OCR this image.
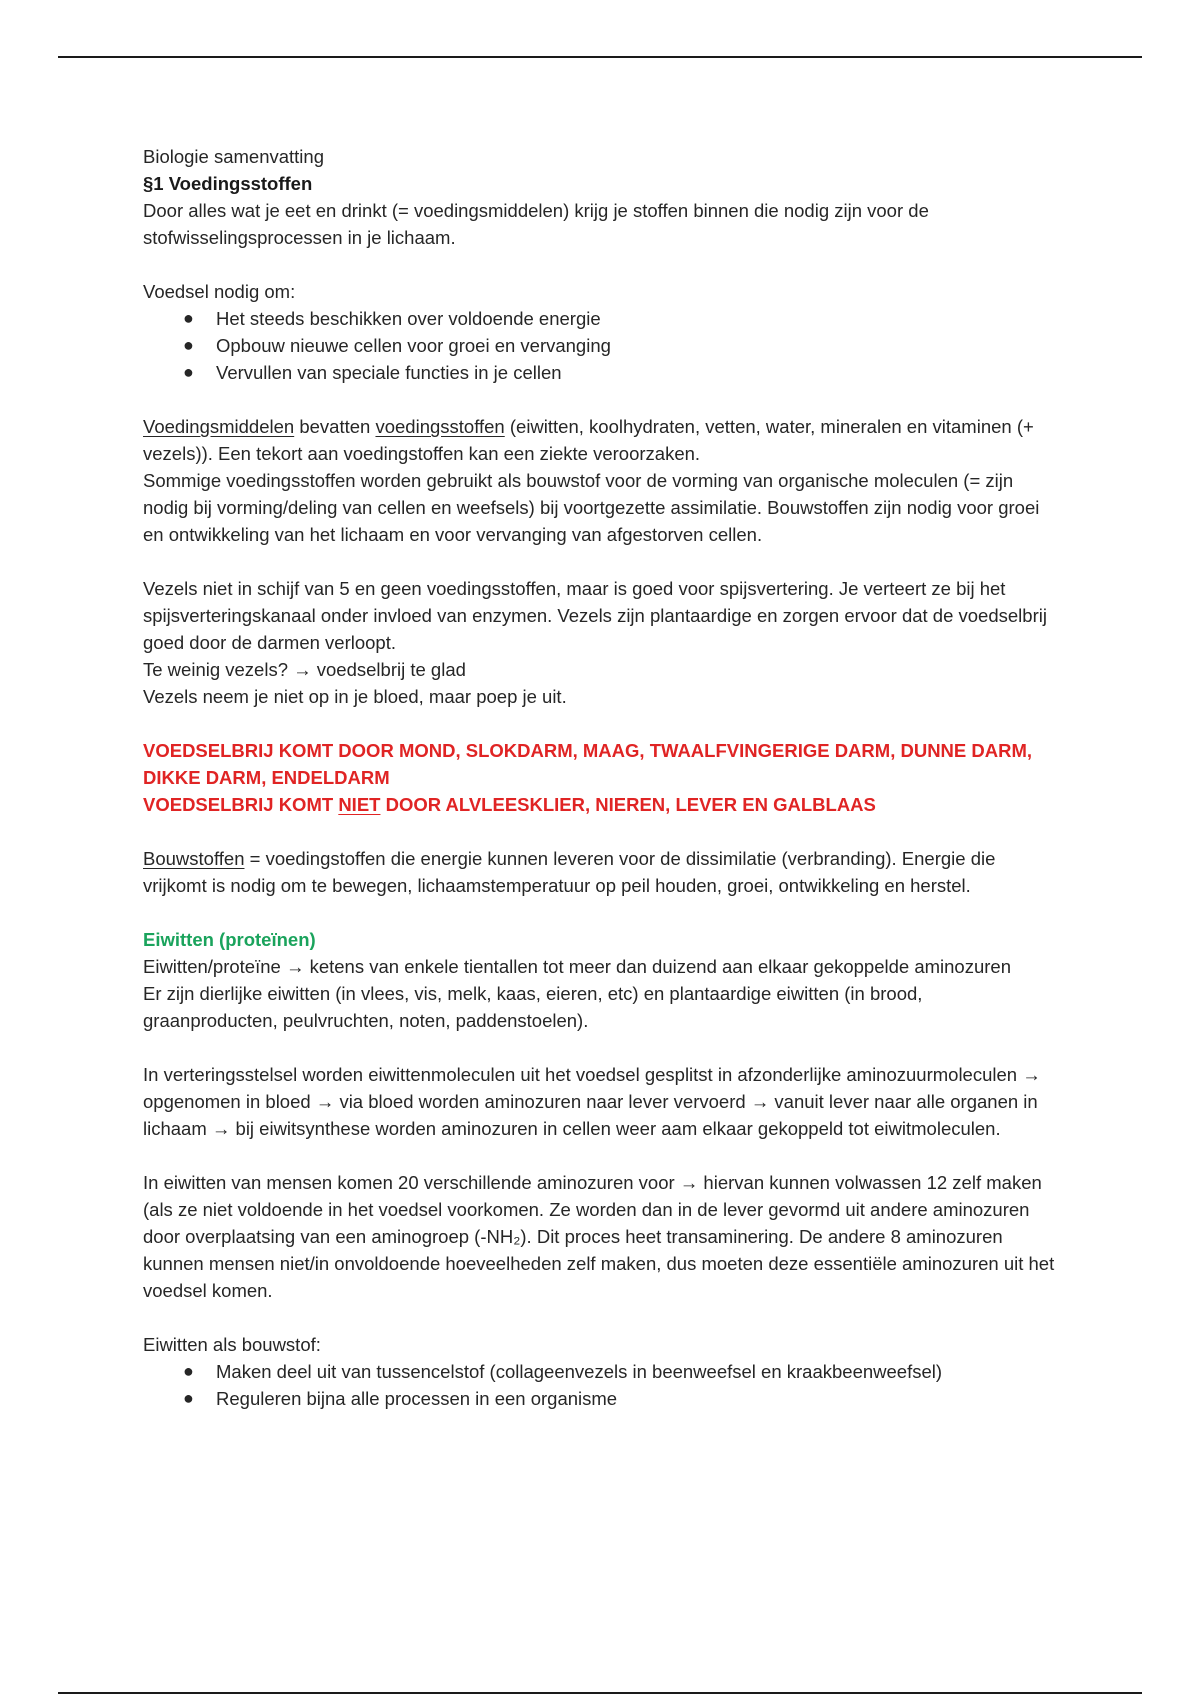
Biologie samenvatting

§1 Voedingsstoffen

Door alles wat je eet en drinkt (= voedingsmiddelen) krijg je stoffen binnen die nodig zijn voor de stofwisselingsprocessen in je lichaam.

Voedsel nodig om:

● Het steeds beschikken over voldoende energie
● Opbouw nieuwe cellen voor groei en vervanging
● Vervullen van speciale functies in je cellen

Voedingsmiddelen bevatten voedingsstoffen (eiwitten, koolhydraten, vetten, water, mineralen en vitaminen (+ vezels)). Een tekort aan voedingstoffen kan een ziekte veroorzaken.

Sommige voedingsstoffen worden gebruikt als bouwstof voor de vorming van organische moleculen (= zijn nodig bij vorming/deling van cellen en weefsels) bij voortgezette assimilatie. Bouwstoffen zijn nodig voor groei en ontwikkeling van het lichaam en voor vervanging van afgestorven cellen.

Vezels niet in schijf van 5 en geen voedingsstoffen, maar is goed voor spijsvertering. Je verteert ze bij het spijsverteringskanaal onder invloed van enzymen. Vezels zijn plantaardige en zorgen ervoor dat de voedselbrij goed door de darmen verloopt.

Te weinig vezels? → voedselbrij te glad

Vezels neem je niet op in je bloed, maar poep je uit.

VOEDSELBRIJ KOMT DOOR MOND, SLOKDARM, MAAG, TWAALFVINGERIGE DARM, DUNNE DARM, DIKKE DARM, ENDELDARM

VOEDSELBRIJ KOMT NIET DOOR ALVLEESKLIER, NIEREN, LEVER EN GALBLAAS

Bouwstoffen = voedingstoffen die energie kunnen leveren voor de dissimilatie (verbranding). Energie die vrijkomt is nodig om te bewegen, lichaamstemperatuur op peil houden, groei, ontwikkeling en herstel.

Eiwitten (proteïnen)

Eiwitten/proteïne → ketens van enkele tientallen tot meer dan duizend aan elkaar gekoppelde aminozuren

Er zijn dierlijke eiwitten (in vlees, vis, melk, kaas, eieren, etc) en plantaardige eiwitten (in brood, graanproducten, peulvruchten, noten, paddenstoelen).

In verteringsstelsel worden eiwittenmoleculen uit het voedsel gesplitst in afzonderlijke aminozuurmoleculen → opgenomen in bloed → via bloed worden aminozuren naar lever vervoerd → vanuit lever naar alle organen in lichaam → bij eiwitsynthese worden aminozuren in cellen weer aam elkaar gekoppeld tot eiwitmoleculen.

In eiwitten van mensen komen 20 verschillende aminozuren voor → hiervan kunnen volwassen 12 zelf maken (als ze niet voldoende in het voedsel voorkomen. Ze worden dan in de lever gevormd uit andere aminozuren door overplaatsing van een aminogroep (-NH₂). Dit proces heet transaminering. De andere 8 aminozuren kunnen mensen niet/in onvoldoende hoeveelheden zelf maken, dus moeten deze essentiële aminozuren uit het voedsel komen.

Eiwitten als bouwstof:

● Maken deel uit van tussencelstof (collageenvezels in beenweefsel en kraakbeenweefsel)
● Reguleren bijna alle processen in een organisme
